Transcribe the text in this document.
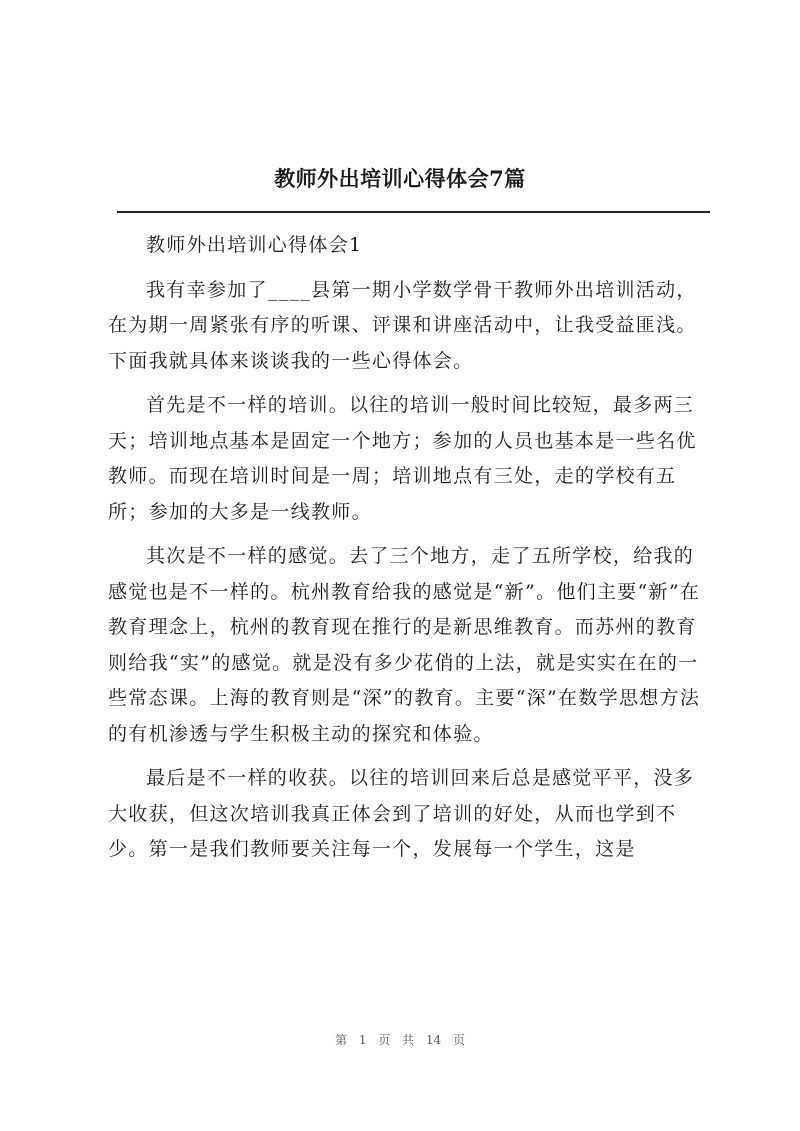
教师外出培训心得体会7篇

教师外出培训心得体会1

我有幸参加了____县第一期小学数学骨干教师外出培训活动，在为期一周紧张有序的听课、评课和讲座活动中，让我受益匪浅。下面我就具体来谈谈我的一些心得体会。

首先是不一样的培训。以往的培训一般时间比较短，最多两三天；培训地点基本是固定一个地方；参加的人员也基本是一些名优教师。而现在培训时间是一周；培训地点有三处，走的学校有五所；参加的大多是一线教师。

其次是不一样的感觉。去了三个地方，走了五所学校，给我的感觉也是不一样的。杭州教育给我的感觉是“新”。他们主要“新”在教育理念上，杭州的教育现在推行的是新思维教育。而苏州的教育则给我“实”的感觉。就是没有多少花俏的上法，就是实实在在的一些常态课。上海的教育则是“深”的教育。主要“深”在数学思想方法的有机渗透与学生积极主动的探究和体验。

最后是不一样的收获。以往的培训回来后总是感觉平平，没多大收获，但这次培训我真正体会到了培训的好处，从而也学到不少。第一是我们教师要关注每一个，发展每一个学生，这是

第 1 页 共 14 页
